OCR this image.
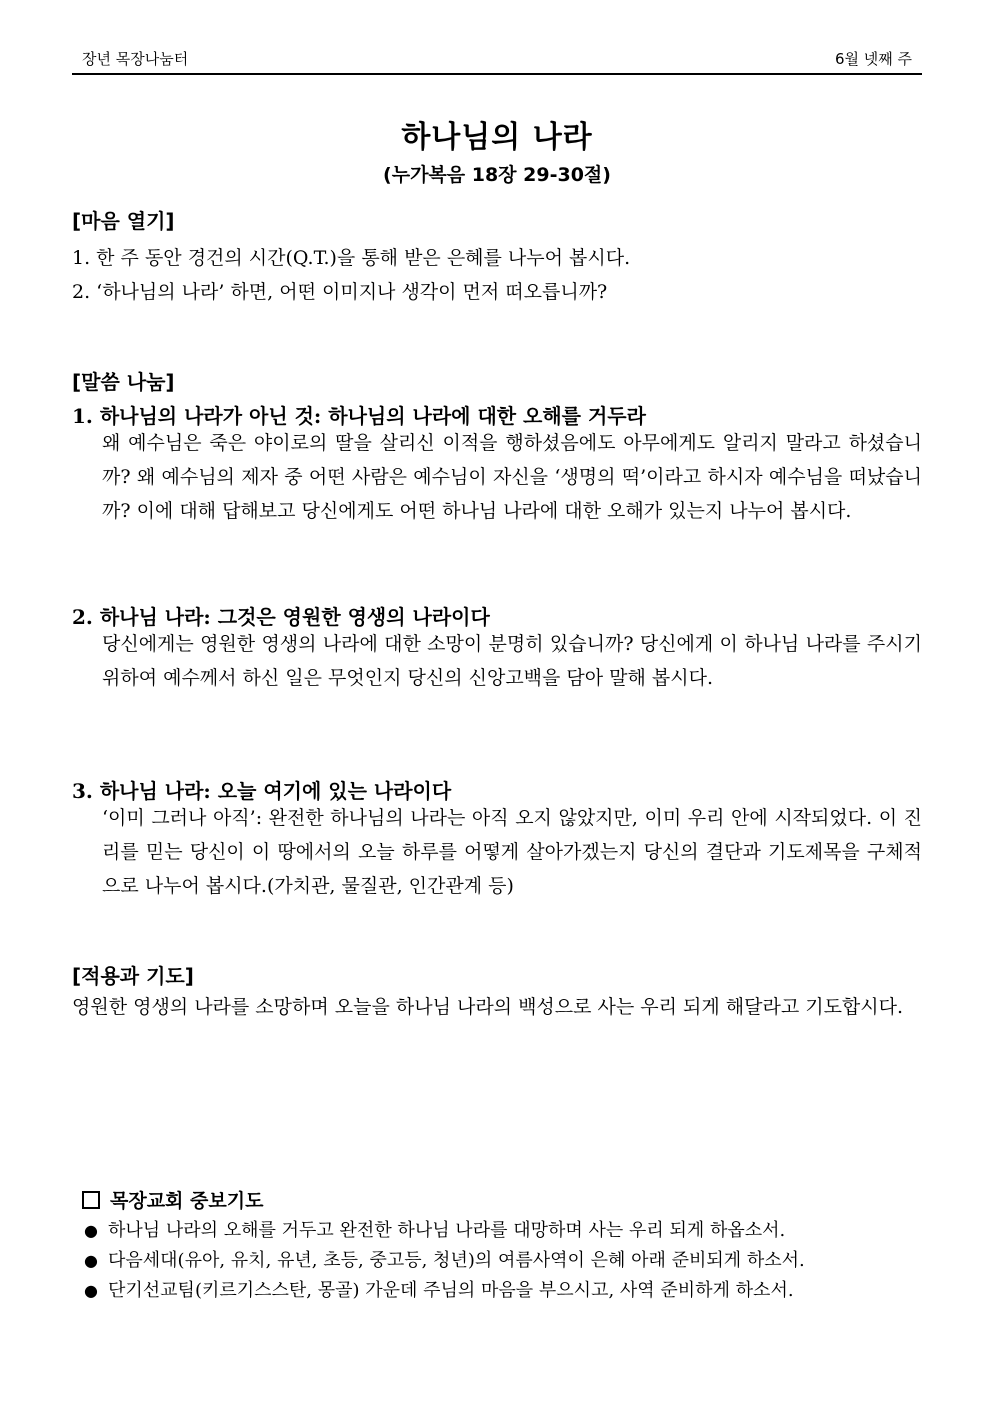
장년 목장나눔터	6월 넷째 주
하나님의 나라
(누가복음 18장 29-30절)
[마음 열기]
1. 한 주 동안 경건의 시간(Q.T.)을 통해 받은 은혜를 나누어 봅시다.
2. ‘하나님의 나라’ 하면, 어떤 이미지나 생각이 먼저 떠오릅니까?
[말씀 나눔]
1. 하나님의 나라가 아닌 것: 하나님의 나라에 대한 오해를 거두라
왜 예수님은 죽은 야이로의 딸을 살리신 이적을 행하셨음에도 아무에게도 알리지 말라고 하셨습니까? 왜 예수님의 제자 중 어떤 사람은 예수님이 자신을 ‘생명의 떡’이라고 하시자 예수님을 떠났습니까? 이에 대해 답해보고 당신에게도 어떤 하나님 나라에 대한 오해가 있는지 나누어 봅시다.
2. 하나님 나라: 그것은 영원한 영생의 나라이다
당신에게는 영원한 영생의 나라에 대한 소망이 분명히 있습니까? 당신에게 이 하나님 나라를 주시기 위하여 예수께서 하신 일은 무엇인지 당신의 신앙고백을 담아 말해 봅시다.
3. 하나님 나라: 오늘 여기에 있는 나라이다
‘이미 그러나 아직’: 완전한 하나님의 나라는 아직 오지 않았지만, 이미 우리 안에 시작되었다. 이 진리를 믿는 당신이 이 땅에서의 오늘 하루를 어떻게 살아가겠는지 당신의 결단과 기도제목을 구체적으로 나누어 봅시다.(가치관, 물질관, 인간관계 등)
[적용과 기도]
영원한 영생의 나라를 소망하며 오늘을 하나님 나라의 백성으로 사는 우리 되게 해달라고 기도합시다.
목장교회 중보기도
● 하나님 나라의 오해를 거두고 완전한 하나님 나라를 대망하며 사는 우리 되게 하옵소서.
● 다음세대(유아, 유치, 유년, 초등, 중고등, 청년)의 여름사역이 은혜 아래 준비되게 하소서.
● 단기선교팀(키르기스스탄, 몽골) 가운데 주님의 마음을 부으시고, 사역 준비하게 하소서.
